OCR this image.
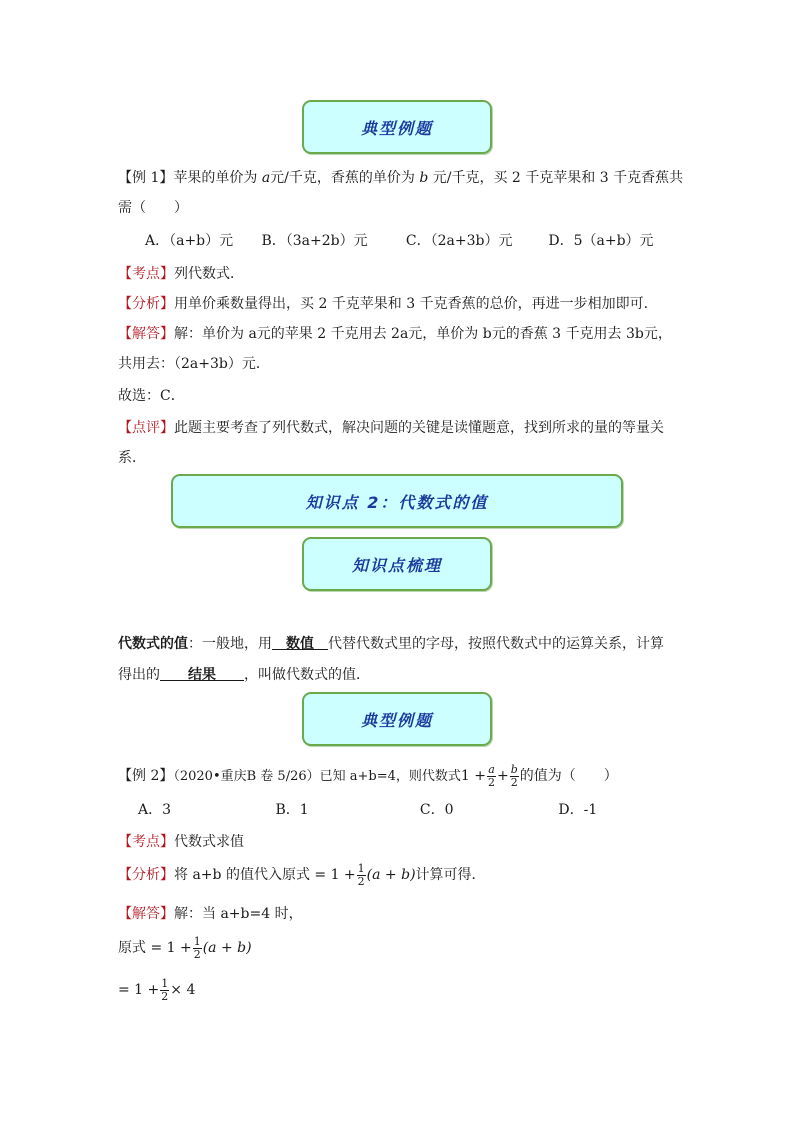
典型例题
【例 1】苹果的单价为 a元/千克，香蕉的单价为 b 元/千克，买 2 千克苹果和 3 千克香蕉共
需（　　）
A．（a+b）元 B．（3a+2b）元	C．（2a+3b）元	D．5（a+b）元
【考点】列代数式．
【分析】用单价乘数量得出，买 2 千克苹果和 3 千克香蕉的总价，再进一步相加即可．
【解答】解：单价为 a元的苹果 2 千克用去 2a元，单价为 b元的香蕉 3 千克用去 3b元，
共用去：（2a+3b）元．
故选：C．
【点评】此题主要考查了列代数式，解决问题的关键是读懂题意，找到所求的量的等量关
系．
知识点 2：代数式的值
知识点梳理
代数式的值：一般地，用　数值　代替代数式里的字母，按照代数式中的运算关系，计算
得出的　　结果　　，叫做代数式的值．
典型例题
【例 2】（2020•重庆B 卷 5/26）已知 a+b=4，则代数式$1 + \frac{a}{2} + \frac{b}{2}$ 的值为（　　）
A．3	B．1	C．0	D．-1
【考点】代数式求值
【分析】将 a+b 的值代入原式 = $1 + \frac{1}{2} (a + b)$计算可得．
【解答】解：当 a+b=4 时，
原式 = $1 + \frac{1}{2} (a + b)$
= $1 + \frac{1}{2} \times 4$
